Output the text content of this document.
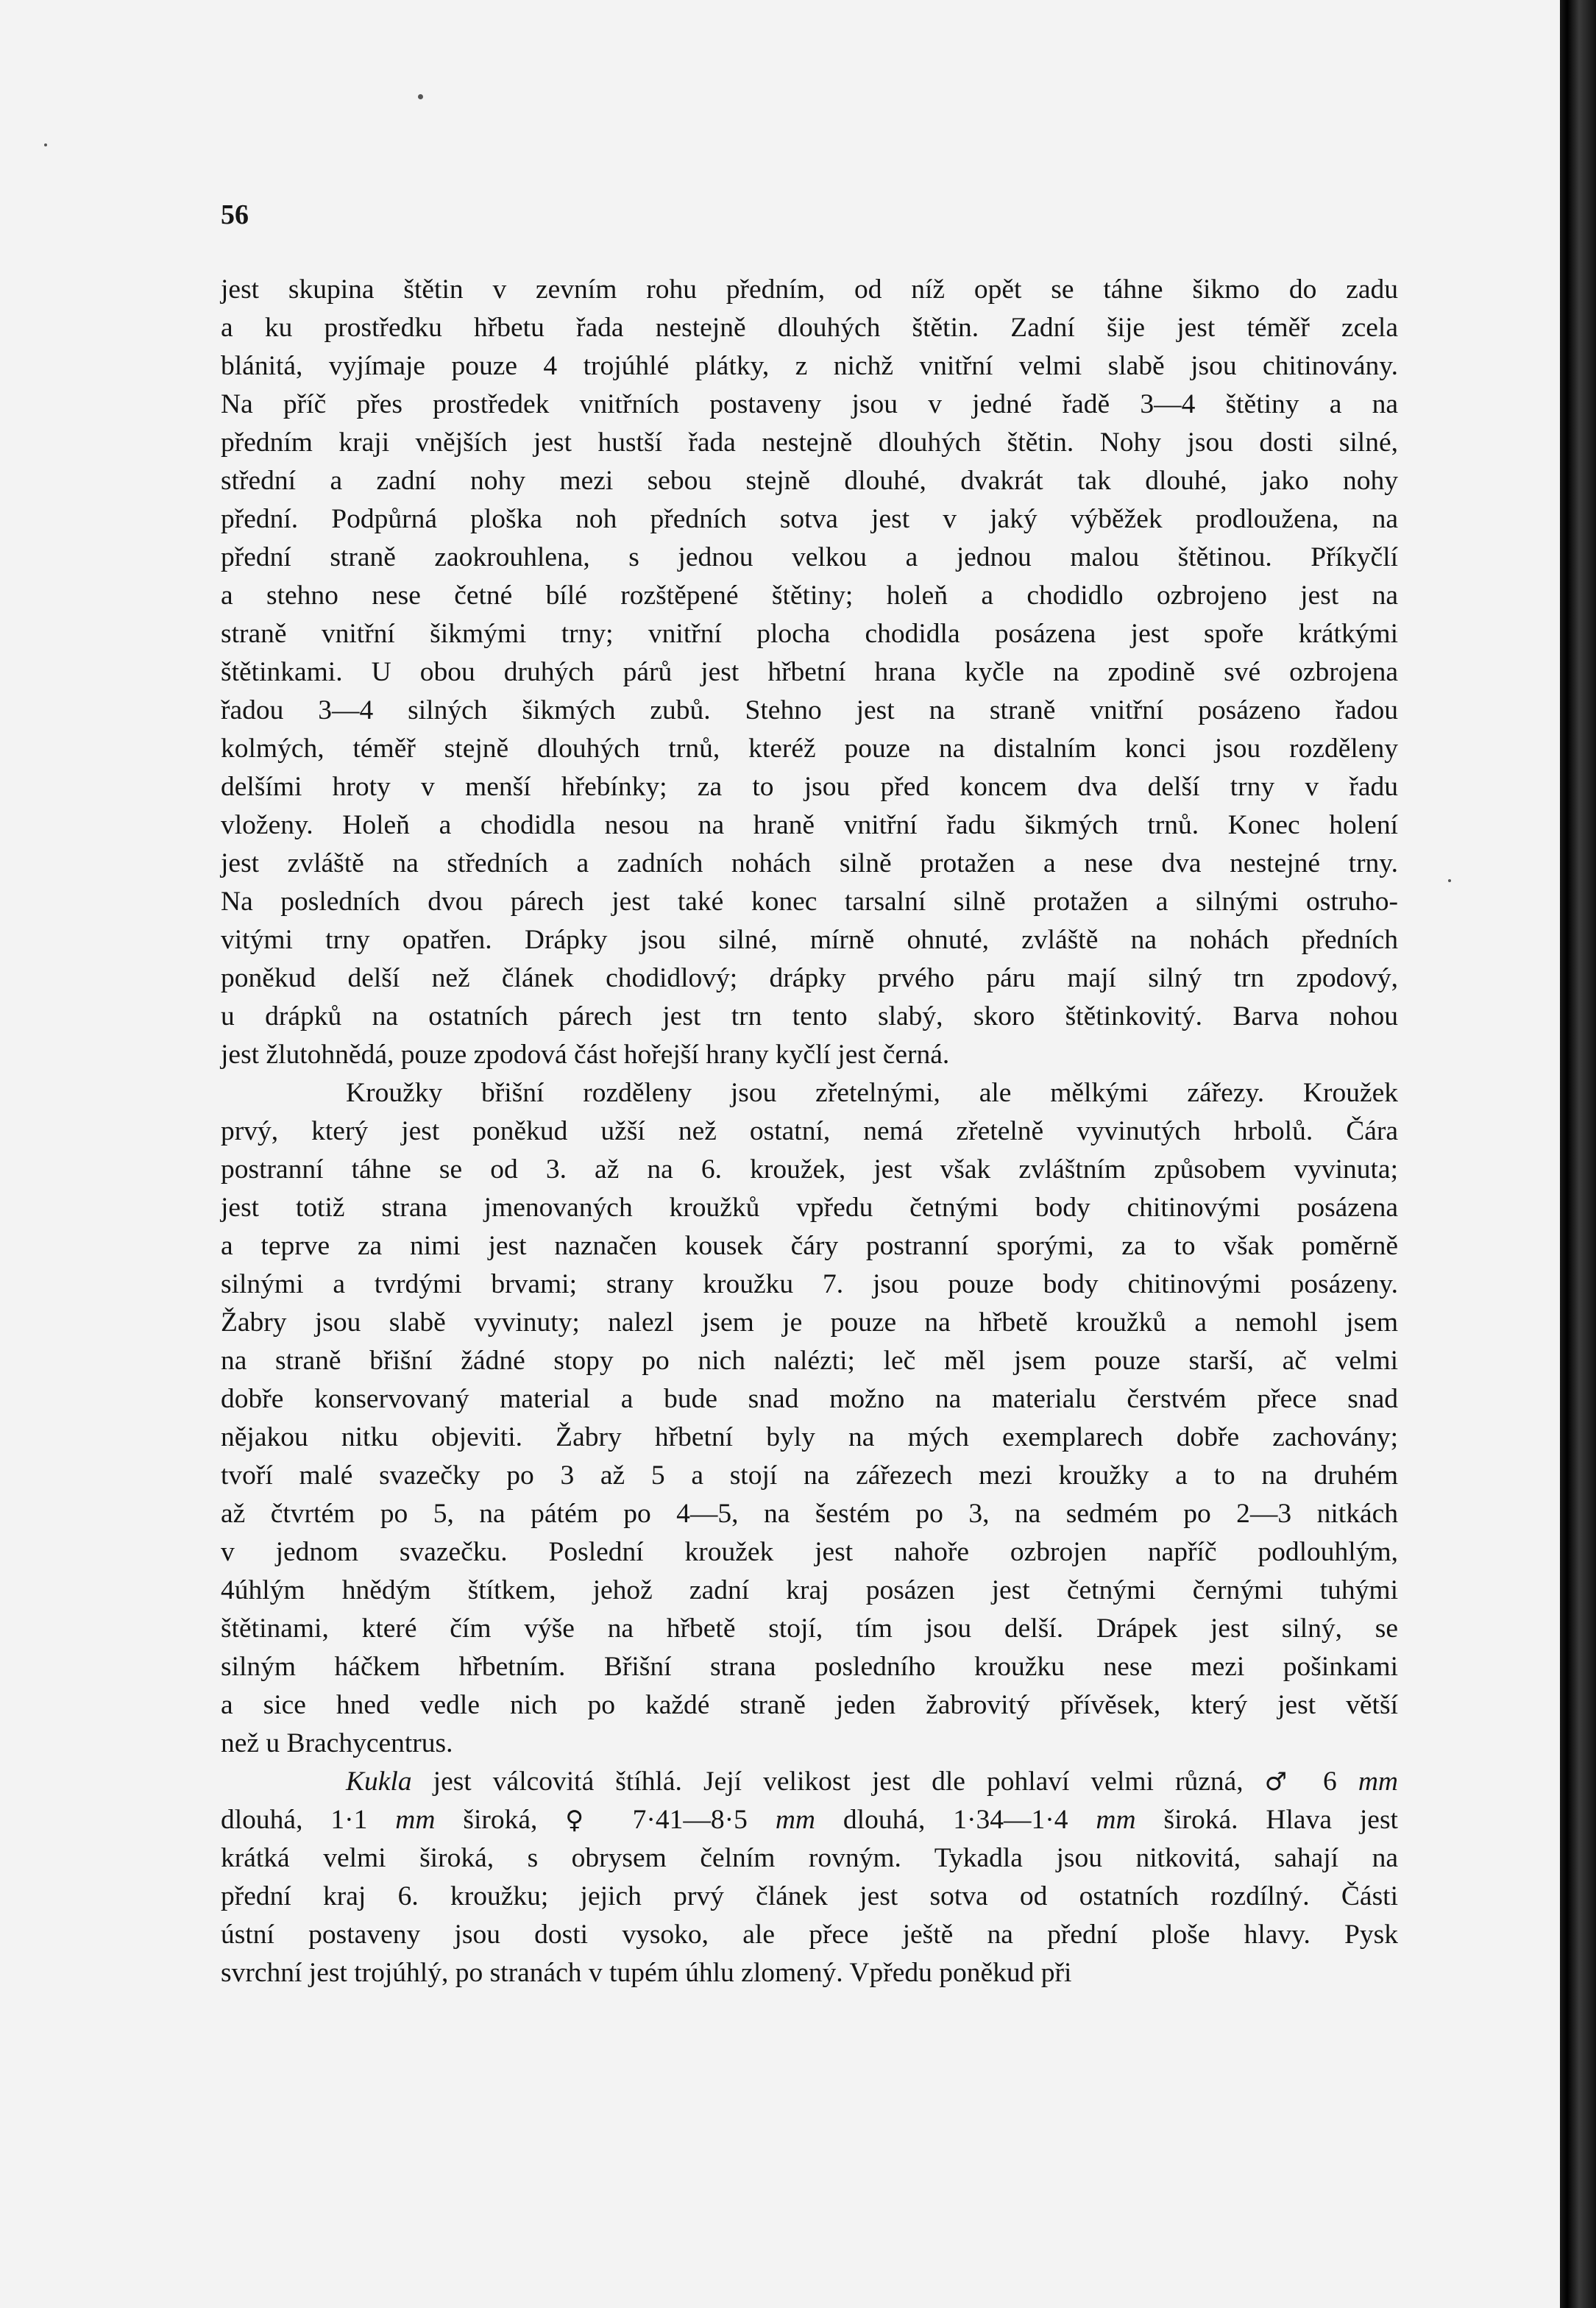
56
jest skupina štětin v zevním rohu předním, od níž opět se táhne šikmo do zadu
a ku prostředku hřbetu řada nestejně dlouhých štětin. Zadní šije jest téměř zcela
blánitá, vyjímaje pouze 4 trojúhlé plátky, z nichž vnitřní velmi slabě jsou chitinovány.
Na příč přes prostředek vnitřních postaveny jsou v jedné řadě 3—4 štětiny a na
předním kraji vnějších jest hustší řada nestejně dlouhých štětin. Nohy jsou dosti silné,
střední a zadní nohy mezi sebou stejně dlouhé, dvakrát tak dlouhé, jako nohy
přední. Podpůrná ploška noh předních sotva jest v jaký výběžek prodloužena, na
přední straně zaokrouhlena, s jednou velkou a jednou malou štětinou. Příkyčlí
a stehno nese četné bílé rozštěpené štětiny; holeň a chodidlo ozbrojeno jest na
straně vnitřní šikmými trny; vnitřní plocha chodidla posázena jest spoře krátkými
štětinkami. U obou druhých párů jest hřbetní hrana kyčle na zpodině své ozbrojena
řadou 3—4 silných šikmých zubů. Stehno jest na straně vnitřní posázeno řadou
kolmých, téměř stejně dlouhých trnů, kteréž pouze na distalním konci jsou rozděleny
delšími hroty v menší hřebínky; za to jsou před koncem dva delší trny v řadu
vloženy. Holeň a chodidla nesou na hraně vnitřní řadu šikmých trnů. Konec holení
jest zvláště na středních a zadních nohách silně protažen a nese dva nestejné trny.
Na posledních dvou párech jest také konec tarsalní silně protažen a silnými ostruho-
vitými trny opatřen. Drápky jsou silné, mírně ohnuté, zvláště na nohách předních
poněkud delší než článek chodidlový; drápky prvého páru mají silný trn zpodový,
u drápků na ostatních párech jest trn tento slabý, skoro štětinkovitý. Barva nohou
jest žlutohnědá, pouze zpodová část hořejší hrany kyčlí jest černá.
Kroužky břišní rozděleny jsou zřetelnými, ale mělkými zářezy. Kroužek
prvý, který jest poněkud užší než ostatní, nemá zřetelně vyvinutých hrbolů. Čára
postranní táhne se od 3. až na 6. kroužek, jest však zvláštním způsobem vyvinuta;
jest totiž strana jmenovaných kroužků vpředu četnými body chitinovými posázena
a teprve za nimi jest naznačen kousek čáry postranní sporými, za to však poměrně
silnými a tvrdými brvami; strany kroužku 7. jsou pouze body chitinovými posázeny.
Žabry jsou slabě vyvinuty; nalezl jsem je pouze na hřbetě kroužků a nemohl jsem
na straně břišní žádné stopy po nich nalézti; leč měl jsem pouze starší, ač velmi
dobře konservovaný material a bude snad možno na materialu čerstvém přece snad
nějakou nitku objeviti. Žabry hřbetní byly na mých exemplarech dobře zachovány;
tvoří malé svazečky po 3 až 5 a stojí na zářezech mezi kroužky a to na druhém
až čtvrtém po 5, na pátém po 4—5, na šestém po 3, na sedmém po 2—3 nitkách
v jednom svazečku. Poslední kroužek jest nahoře ozbrojen napříč podlouhlým,
4úhlým hnědým štítkem, jehož zadní kraj posázen jest četnými černými tuhými
štětinami, které čím výše na hřbetě stojí, tím jsou delší. Drápek jest silný, se
silným háčkem hřbetním. Břišní strana posledního kroužku nese mezi pošinkami
a sice hned vedle nich po každé straně jeden žabrovitý přívěsek, který jest větší
než u Brachycentrus.
Kukla jest válcovitá štíhlá. Její velikost jest dle pohlaví velmi různá, ♂ 6 mm
dlouhá, 1·1 mm široká, ♀ 7·41—8·5 mm dlouhá, 1·34—1·4 mm široká. Hlava jest
krátká velmi široká, s obrysem čelním rovným. Tykadla jsou nitkovitá, sahají na
přední kraj 6. kroužku; jejich prvý článek jest sotva od ostatních rozdílný. Části
ústní postaveny jsou dosti vysoko, ale přece ještě na přední ploše hlavy. Pysk
svrchní jest trojúhlý, po stranách v tupém úhlu zlomený. Vpředu poněkud při
